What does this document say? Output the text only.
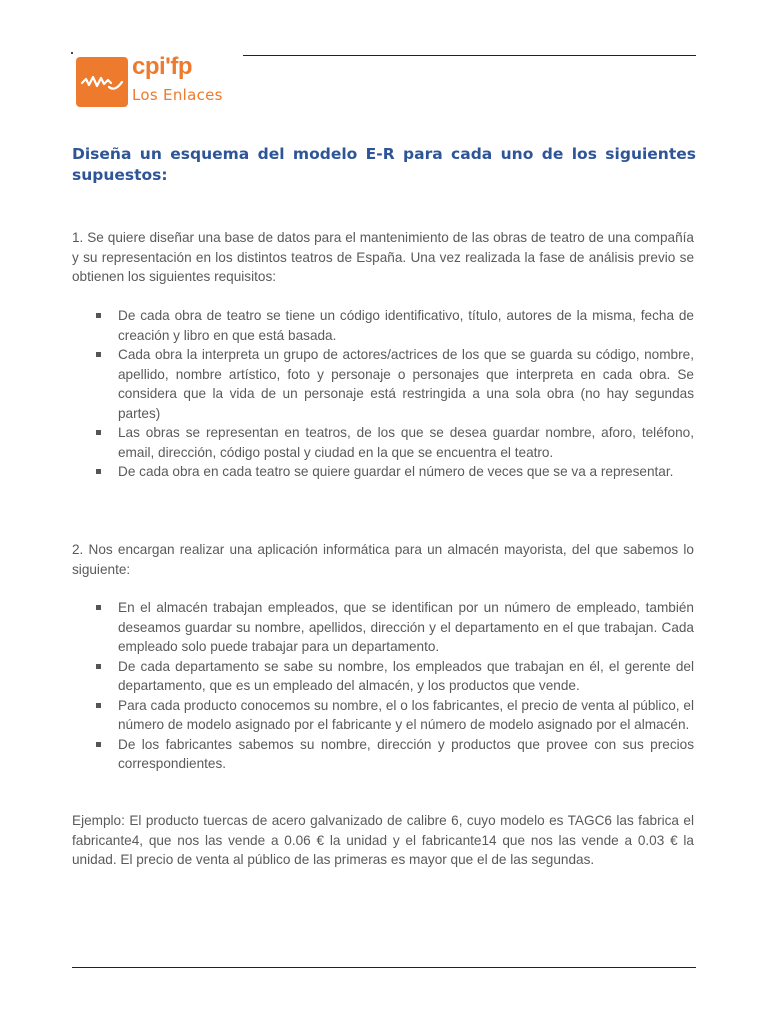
cpi'fp
Los Enlaces
Diseña un esquema del modelo E-R para cada uno de los siguientes supuestos:

1. Se quiere diseñar una base de datos para el mantenimiento de las obras de teatro de una compañía y su representación en los distintos teatros de España. Una vez realizada la fase de análisis previo se obtienen los siguientes requisitos:

De cada obra de teatro se tiene un código identificativo, título, autores de la misma, fecha de creación y libro en que está basada.
Cada obra la interpreta un grupo de actores/actrices de los que se guarda su código, nombre, apellido, nombre artístico, foto y personaje o personajes que interpreta en cada obra. Se considera que la vida de un personaje está restringida a una sola obra (no hay segundas partes)
Las obras se representan en teatros, de los que se desea guardar nombre, aforo, teléfono, email, dirección, código postal y ciudad en la que se encuentra el teatro.
De cada obra en cada teatro se quiere guardar el número de veces que se va a representar.

2. Nos encargan realizar una aplicación informática para un almacén mayorista, del que sabemos lo siguiente:

En el almacén trabajan empleados, que se identifican por un número de empleado, también deseamos guardar su nombre, apellidos, dirección y el departamento en el que trabajan. Cada empleado solo puede trabajar para un departamento.
De cada departamento se sabe su nombre, los empleados que trabajan en él, el gerente del departamento, que es un empleado del almacén, y los productos que vende.
Para cada producto conocemos su nombre, el o los fabricantes, el precio de venta al público, el número de modelo asignado por el fabricante y el número de modelo asignado por el almacén.
De los fabricantes sabemos su nombre, dirección y productos que provee con sus precios correspondientes.

Ejemplo: El producto tuercas de acero galvanizado de calibre 6, cuyo modelo es TAGC6 las fabrica el fabricante4, que nos las vende a 0.06 € la unidad y el fabricante14 que nos las vende a 0.03 € la unidad. El precio de venta al público de las primeras es mayor que el de las segundas.
